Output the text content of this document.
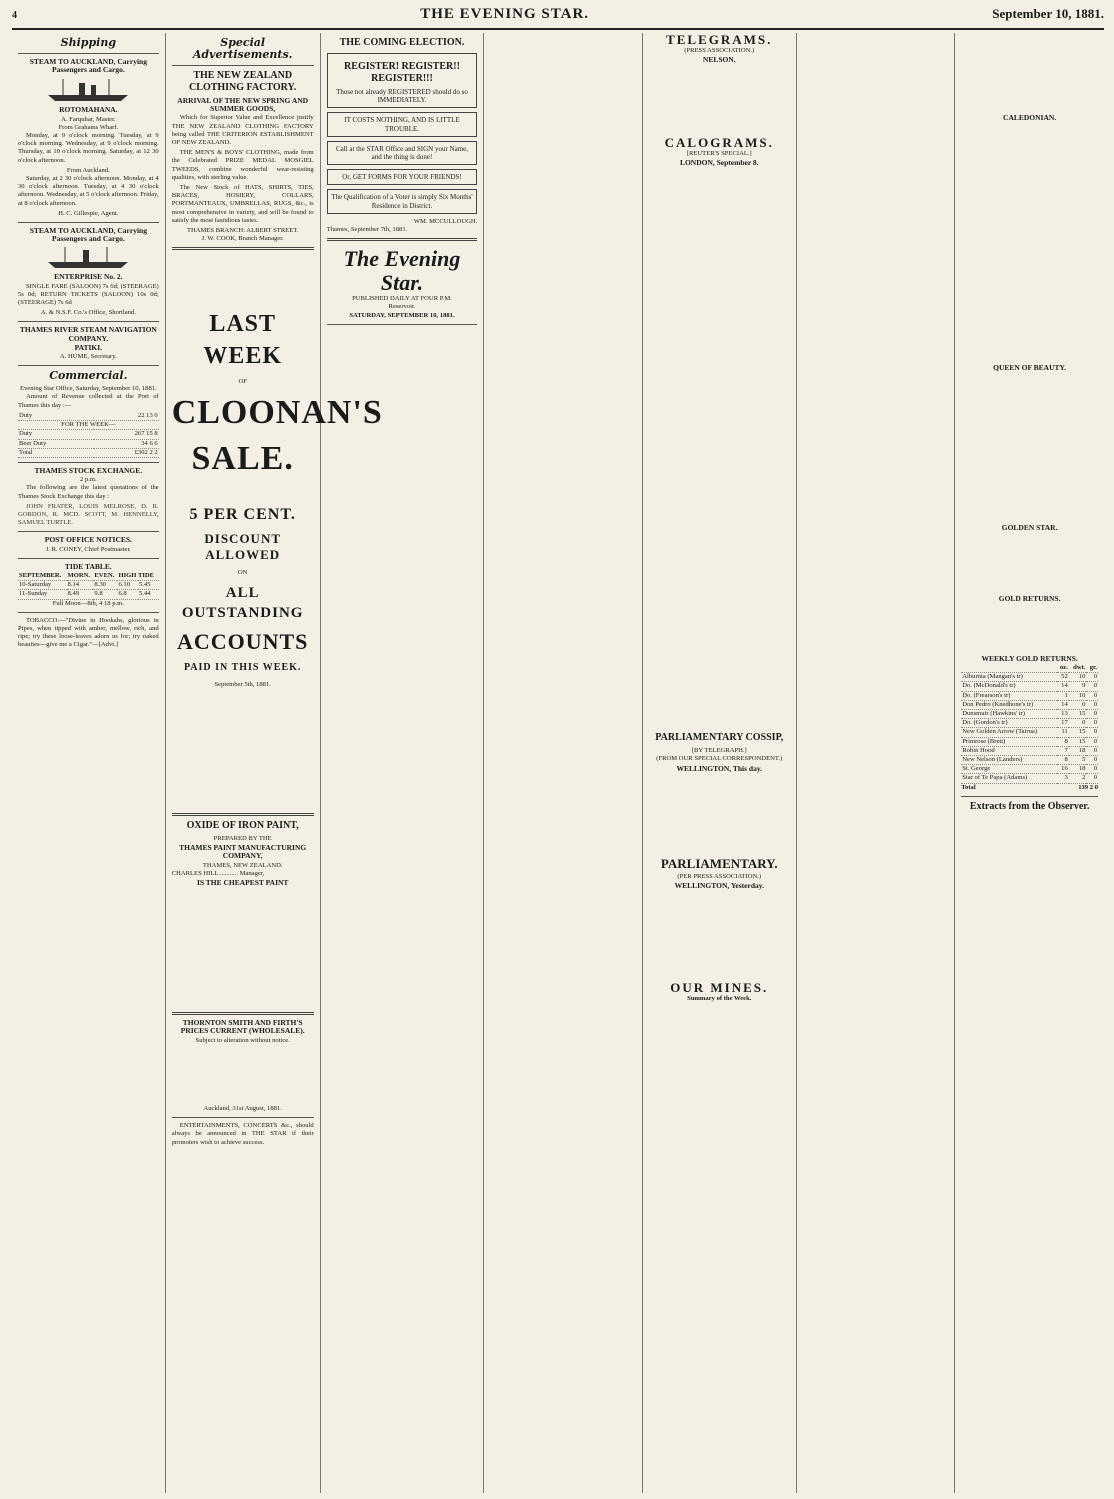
4	THE EVENING STAR.	September 10, 1881.
Shipping
STEAM TO AUCKLAND, Carrying Passengers and Cargo.
ROTOMAHANA.
A. Farquhar, Master.
From Grahams Wharf.

Monday, at 9 o'clock morning. Tuesday, at 9 o'clock morning. Wednesday, at 9 o'clock morning. Thursday, at 10 o'clock morning. Saturday, at 12 30 o'clock afternoon.

From Auckland.

Saturday, at 2 30 o'clock afternoon. Monday, at 4 30 o'clock afternoon. Tuesday, at 4 30 o'clock afternoon. Wednesday, at 5 o'clock afternoon. Friday, at 8 o'clock afternoon.

H. C. Gillespie, Agent.
STEAM TO AUCKLAND, Carrying Passengers and Cargo.
ENTERPRISE No. 2.

SINGLE FARE (SALOON) 7s 6d; (STEERAGE) 5s 0d; RETURN TICKETS (SALOON) 10s 0d; (STEERAGE) 7s 6d

A. & N.S.F. Co.'s Office, Shortland.
THAMES RIVER STEAM NAVIGATION COMPANY.
PATIKI.
A. HUME, Secretary.
Commercial.
Evening Star Office, Saturday, September 10, 1881.

Amount of Revenue collected at the Port of Thames this day :—

Duty	22 13 0
FOR THE WEEK—	
Duty	267 15 8
Beer Duty	34 6 6
Total	£302 2 2
THAMES STOCK EXCHANGE.
2 p.m.

The following are the latest quotations of the Thames Stock Exchange this day :

JOHN FRATER, LOUIS MELROSE, D. R. GORDON, R. MCD. SCOTT, M. HENNELLY, SAMUEL TURTLE.

POST OFFICE NOTICES.
J. R. CONEY, Chief Postmaster.
TIDE TABLE.
SEPTEMBER.	MORN.	EVEN.	HIGH TIDE	
10-Saturday	8.14	8.30	6.10	5.45
11-Sunday	8.49	9.8	6.8	5.44
Full Moon—8th, 4 18 p.m.

TOBACCO.—"Divine in Hookahs, glorious in Pipes, when tipped with amber, mellow, rich, and ripe; try these loose-leaves adorn us for; try naked beauties—give me a Cigar."—[Advt.]

Special Advertisements.
THE NEW ZEALAND CLOTHING FACTORY.
ARRIVAL OF THE NEW SPRING AND SUMMER GOODS,

Which for Superior Value and Excellence justify THE NEW ZEALAND CLOTHING FACTORY being called THE CRITERION ESTABLISHMENT OF NEW ZEALAND.

THE MEN'S & BOYS' CLOTHING, made from the Celebrated PRIZE MEDAL MOSGIEL TWEEDS, combine wonderful wear-resisting qualities, with sterling value.

The New Stock of HATS, SHIRTS, TIES, BRACES, HOSIERY, COLLARS, PORTMANTEAUX, UMBRELLAS, RUGS, &c., is most comprehensive in variety, and will be found to satisfy the most fastidious tastes.

THAMES BRANCH: ALBERT STREET.
J. W. COOK, Branch Manager.
LAST WEEK
OF
CLOONAN'S
SALE.
5 PER CENT.
DISCOUNT ALLOWED
ON
ALL OUTSTANDING
ACCOUNTS
PAID IN THIS WEEK.
September 5th, 1881.
OXIDE OF IRON PAINT,
PREPARED BY THE
THAMES PAINT MANUFACTURING COMPANY,
THAMES, NEW ZEALAND.
CHARLES HILL ........... Manager,
IS THE CHEAPEST PAINT
THORNTON SMITH AND FIRTH'S PRICES CURRENT (WHOLESALE).
Subject to alteration without notice.
Auckland, 31st August, 1881.

ENTERTAINMENTS, CONCERTS &c., should always be announced in THE STAR if their promoters wish to achieve success.

THE COMING ELECTION.
REGISTER! REGISTER!! REGISTER!!!
Those not already REGISTERED should do so IMMEDIATELY.
IT COSTS NOTHING, AND IS LITTLE TROUBLE.
Call at the STAR Office and SIGN your Name, and the thing is done!
Or, GET FORMS FOR YOUR FRIENDS!
The Qualification of a Voter is simply Six Months' Residence in District.
WM. MCCULLOUGH.
Thames, September 7th, 1881.
The Evening Star.
PUBLISHED DAILY AT FOUR P.M.
Reservoir.
SATURDAY, SEPTEMBER 10, 1881.
TELEGRAMS.
(PRESS ASSOCIATION.)
NELSON.
CALOGRAMS.
[REUTER'S SPECIAL.]
LONDON, September 8.
PARLIAMENTARY COSSIP,
[BY TELEGRAPH.]
(FROM OUR SPECIAL CORRESPONDENT.)
WELLINGTON, This day.
PARLIAMENTARY.
(PER PRESS ASSOCIATION.)
WELLINGTON, Yesterday.
OUR MINES.
Summary of the Week.
CALEDONIAN.
QUEEN OF BEAUTY.
GOLDEN STAR.
GOLD RETURNS.
WEEKLY GOLD RETURNS.
	oz.	dwt.	gr.
Alburnia (Mangan's tr)	52	10	0
Do. (McDonald's tr)	14	9	0
Do. (Frearson's tr)	1	10	0
Don Pedro (Knedhone's tr)	14	0	0
Dunsmuir (Hawkins' tr)	13	15	0
Do. (Gordon's tr)	17	0	0
New Golden Arrow (Tairua)	11	15	0
Primrose (Brett)	8	15	0
Robin Hood	7	18	0
New Nelson (Landers)	8	5	0
St. George	16	18	0
Star of Te Papa (Adams)	3	2	0
Total	139 2 0
Extracts from the Observer.
